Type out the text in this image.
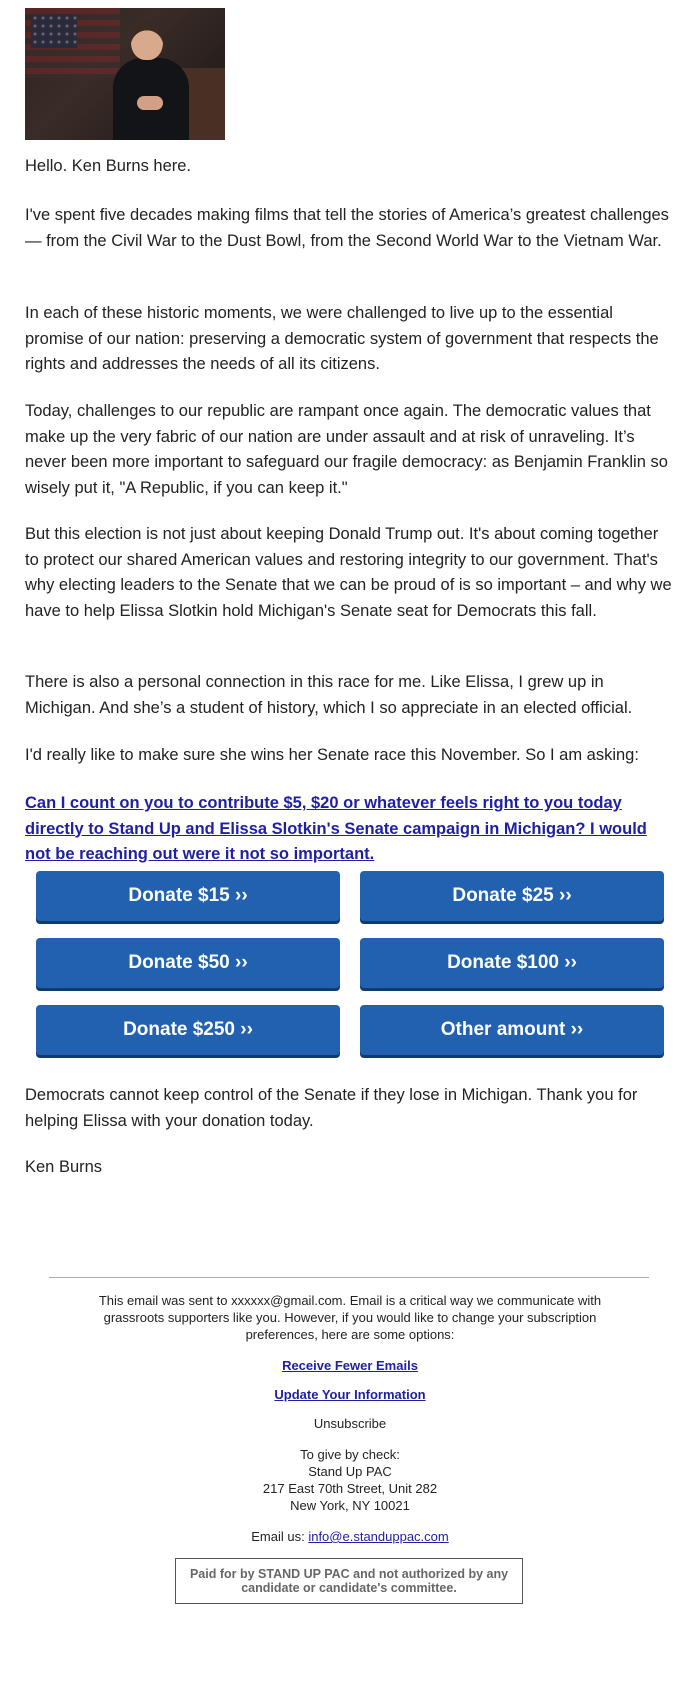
Hello. Ken Burns here.

I've spent five decades making films that tell the stories of America’s greatest challenges — from the Civil War to the Dust Bowl, from the Second World War to the Vietnam War.

In each of these historic moments, we were challenged to live up to the essential promise of our nation: preserving a democratic system of government that respects the rights and addresses the needs of all its citizens.

Today, challenges to our republic are rampant once again. The democratic values that make up the very fabric of our nation are under assault and at risk of unraveling. It’s never been more important to safeguard our fragile democracy: as Benjamin Franklin so wisely put it, "A Republic, if you can keep it."

But this election is not just about keeping Donald Trump out. It's about coming together to protect our shared American values and restoring integrity to our government. That's why electing leaders to the Senate that we can be proud of is so important – and why we have to help Elissa Slotkin hold Michigan's Senate seat for Democrats this fall.

There is also a personal connection in this race for me. Like Elissa, I grew up in Michigan. And she’s a student of history, which I so appreciate in an elected official.

I'd really like to make sure she wins her Senate race this November. So I am asking:

Can I count on you to contribute $5, $20 or whatever feels right to you today directly to Stand Up and Elissa Slotkin's Senate campaign in Michigan? I would not be reaching out were it not so important.
Donate $15 ››	Donate $25 ››
Donate $50 ››	Donate $100 ››
Donate $250 ››	Other amount ››

Democrats cannot keep control of the Senate if they lose in Michigan. Thank you for helping Elissa with your donation today.

Ken Burns

This email was sent to xxxxxx@gmail.com. Email is a critical way we communicate with grassroots supporters like you. However, if you would like to change your subscription preferences, here are some options:
Receive Fewer Emails
Update Your Information
Unsubscribe
To give by check:
Stand Up PAC
217 East 70th Street, Unit 282
New York, NY 10021
Email us: info@e.standuppac.com
Paid for by STAND UP PAC and not authorized by any candidate or candidate's committee.
